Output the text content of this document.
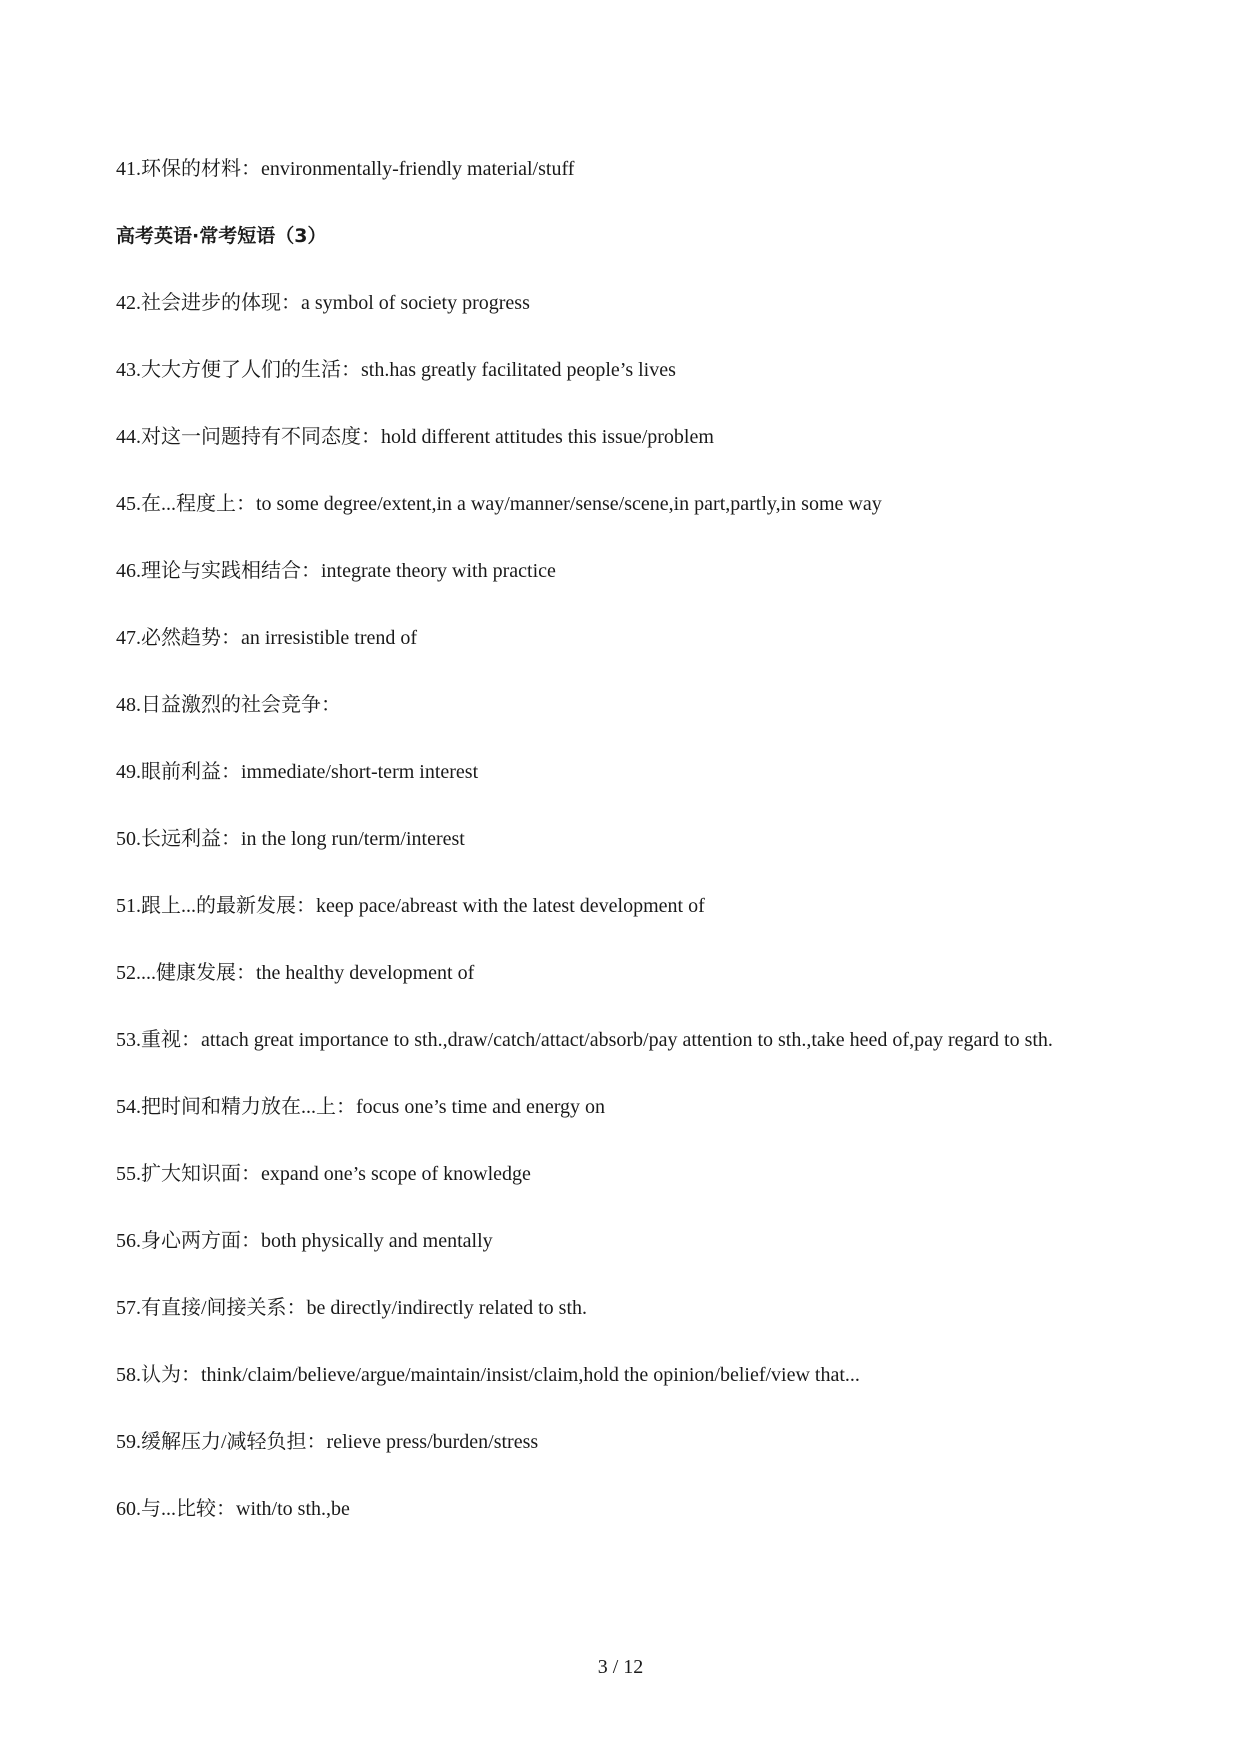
41.环保的材料：environmentally-friendly material/stuff
高考英语·常考短语（3）
42.社会进步的体现：a symbol of society progress
43.大大方便了人们的生活：sth.has greatly facilitated people’s lives
44.对这一问题持有不同态度：hold different attitudes this issue/problem
45.在...程度上：to some degree/extent,in a way/manner/sense/scene,in part,partly,in some way
46.理论与实践相结合：integrate theory with practice
47.必然趋势：an irresistible trend of
48.日益激烈的社会竞争：
49.眼前利益：immediate/short-term interest
50.长远利益：in the long run/term/interest
51.跟上...的最新发展：keep pace/abreast with the latest development of
52....健康发展：the healthy development of
53.重视：attach great importance to sth.,draw/catch/attact/absorb/pay attention to sth.,take heed of,pay regard to sth.
54.把时间和精力放在...上：focus one’s time and energy on
55.扩大知识面：expand one’s scope of knowledge
56.身心两方面：both physically and mentally
57.有直接/间接关系：be directly/indirectly related to sth.
58.认为：think/claim/believe/argue/maintain/insist/claim,hold the opinion/belief/view that...
59.缓解压力/减轻负担：relieve press/burden/stress
60.与...比较：with/to sth.,be
3 / 12
